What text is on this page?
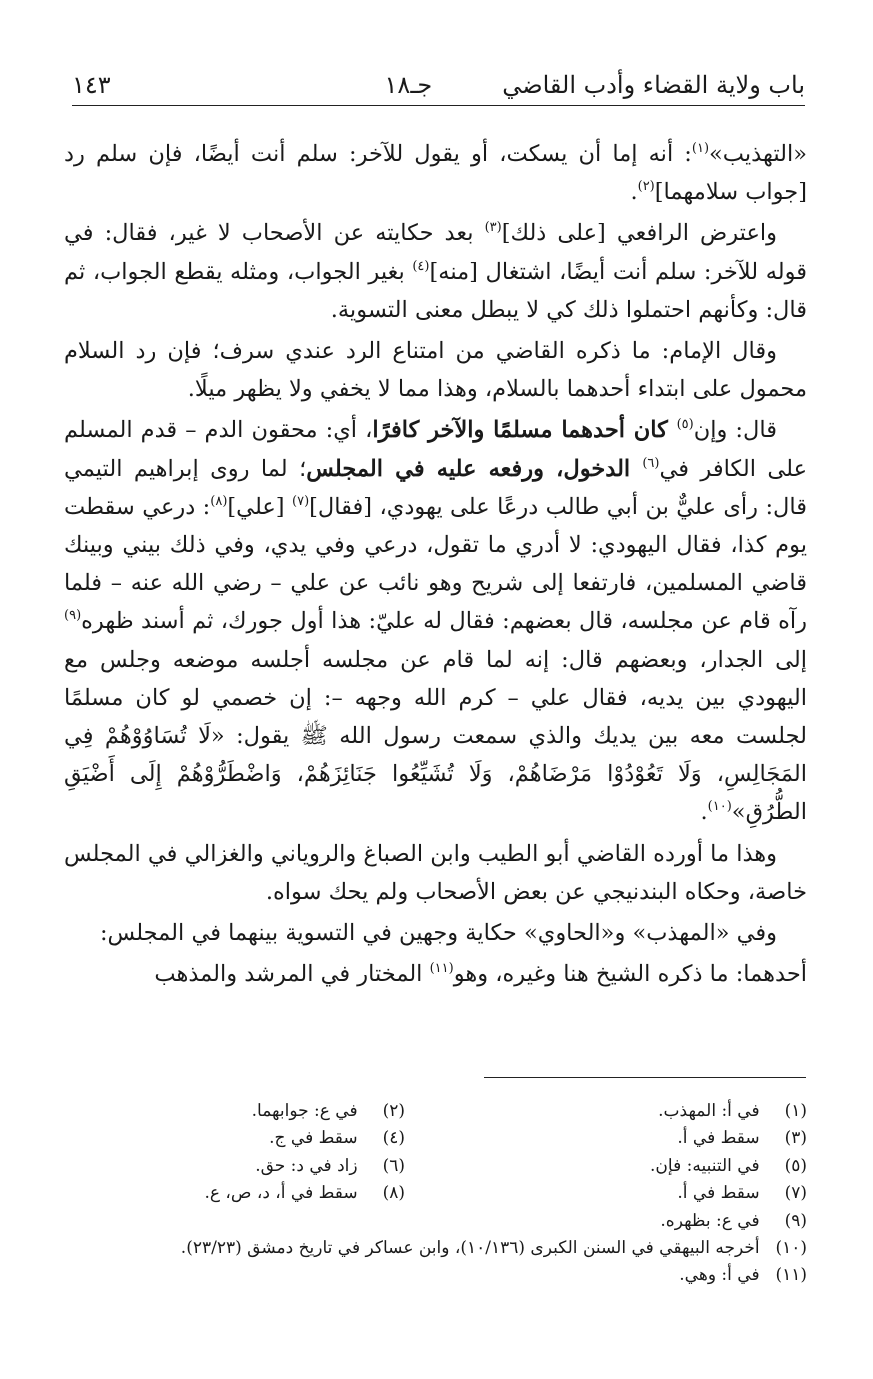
باب ولاية القضاء وأدب القاضي
جـ١٨
١٤٣

«التهذيب»$^{(١)}$: أنه إما أن يسكت، أو يقول للآخر: سلم أنت أيضًا، فإن سلم رد [جواب سلامهما]$^{(٢)}$.

واعترض الرافعي [على ذلك]$^{(٣)}$ بعد حكايته عن الأصحاب لا غير، فقال: في قوله للآخر: سلم أنت أيضًا، اشتغال [منه]$^{(٤)}$ بغير الجواب، ومثله يقطع الجواب، ثم قال: وكأنهم احتملوا ذلك كي لا يبطل معنى التسوية.

وقال الإمام: ما ذكره القاضي من امتناع الرد عندي سرف؛ فإن رد السلام محمول على ابتداء أحدهما بالسلام، وهذا مما لا يخفي ولا يظهر ميلًا.

قال: وإن$^{(٥)}$ كان أحدهما مسلمًا والآخر كافرًا، أي: محقون الدم – قدم المسلم على الكافر في$^{(٦)}$ الدخول، ورفعه عليه في المجلس؛ لما روى إبراهيم التيمي قال: رأى عليٌّ بن أبي طالب درعًا على يهودي، [فقال]$^{(٧)}$ [علي]$^{(٨)}$: درعي سقطت يوم كذا، فقال اليهودي: لا أدري ما تقول، درعي وفي يدي، وفي ذلك بيني وبينك قاضي المسلمين، فارتفعا إلى شريح وهو نائب عن علي – رضي الله عنه – فلما رآه قام عن مجلسه، قال بعضهم: فقال له عليّ: هذا أول جورك، ثم أسند ظهره$^{(٩)}$ إلى الجدار، وبعضهم قال: إنه لما قام عن مجلسه أجلسه موضعه وجلس مع اليهودي بين يديه، فقال علي – كرم الله وجهه –: إن خصمي لو كان مسلمًا لجلست معه بين يديك والذي سمعت رسول الله ﷺ يقول: «لَا تُسَاوُوْهُمْ فِي المَجَالِسِ، وَلَا تَعُوْدُوْا مَرْضَاهُمْ، وَلَا تُشَيِّعُوا جَنَائِزَهُمْ، وَاضْطَرُّوْهُمْ إِلَى أَضْيَقِ الطُّرُقِ»$^{(١٠)}$.

وهذا ما أورده القاضي أبو الطيب وابن الصباغ والروياني والغزالي في المجلس خاصة، وحكاه البندنيجي عن بعض الأصحاب ولم يحك سواه.

وفي «المهذب» و«الحاوي» حكاية وجهين في التسوية بينهما في المجلس:

أحدهما: ما ذكره الشيخ هنا وغيره، وهو$^{(١١)}$ المختار في المرشد والمذهب

(١) في أ: المهذب.
(٢) في ع: جوابهما.
(٣) سقط في أ.
(٤) سقط في ج.
(٥) في التنبيه: فإن.
(٦) زاد في د: حق.
(٧) سقط في أ.
(٨) سقط في أ، د، ص، ع.
(٩) في ع: بظهره.
(١٠) أخرجه البيهقي في السنن الكبرى (١٠/١٣٦)، وابن عساكر في تاريخ دمشق (٢٣/٢٣).
(١١) في أ: وهي.
